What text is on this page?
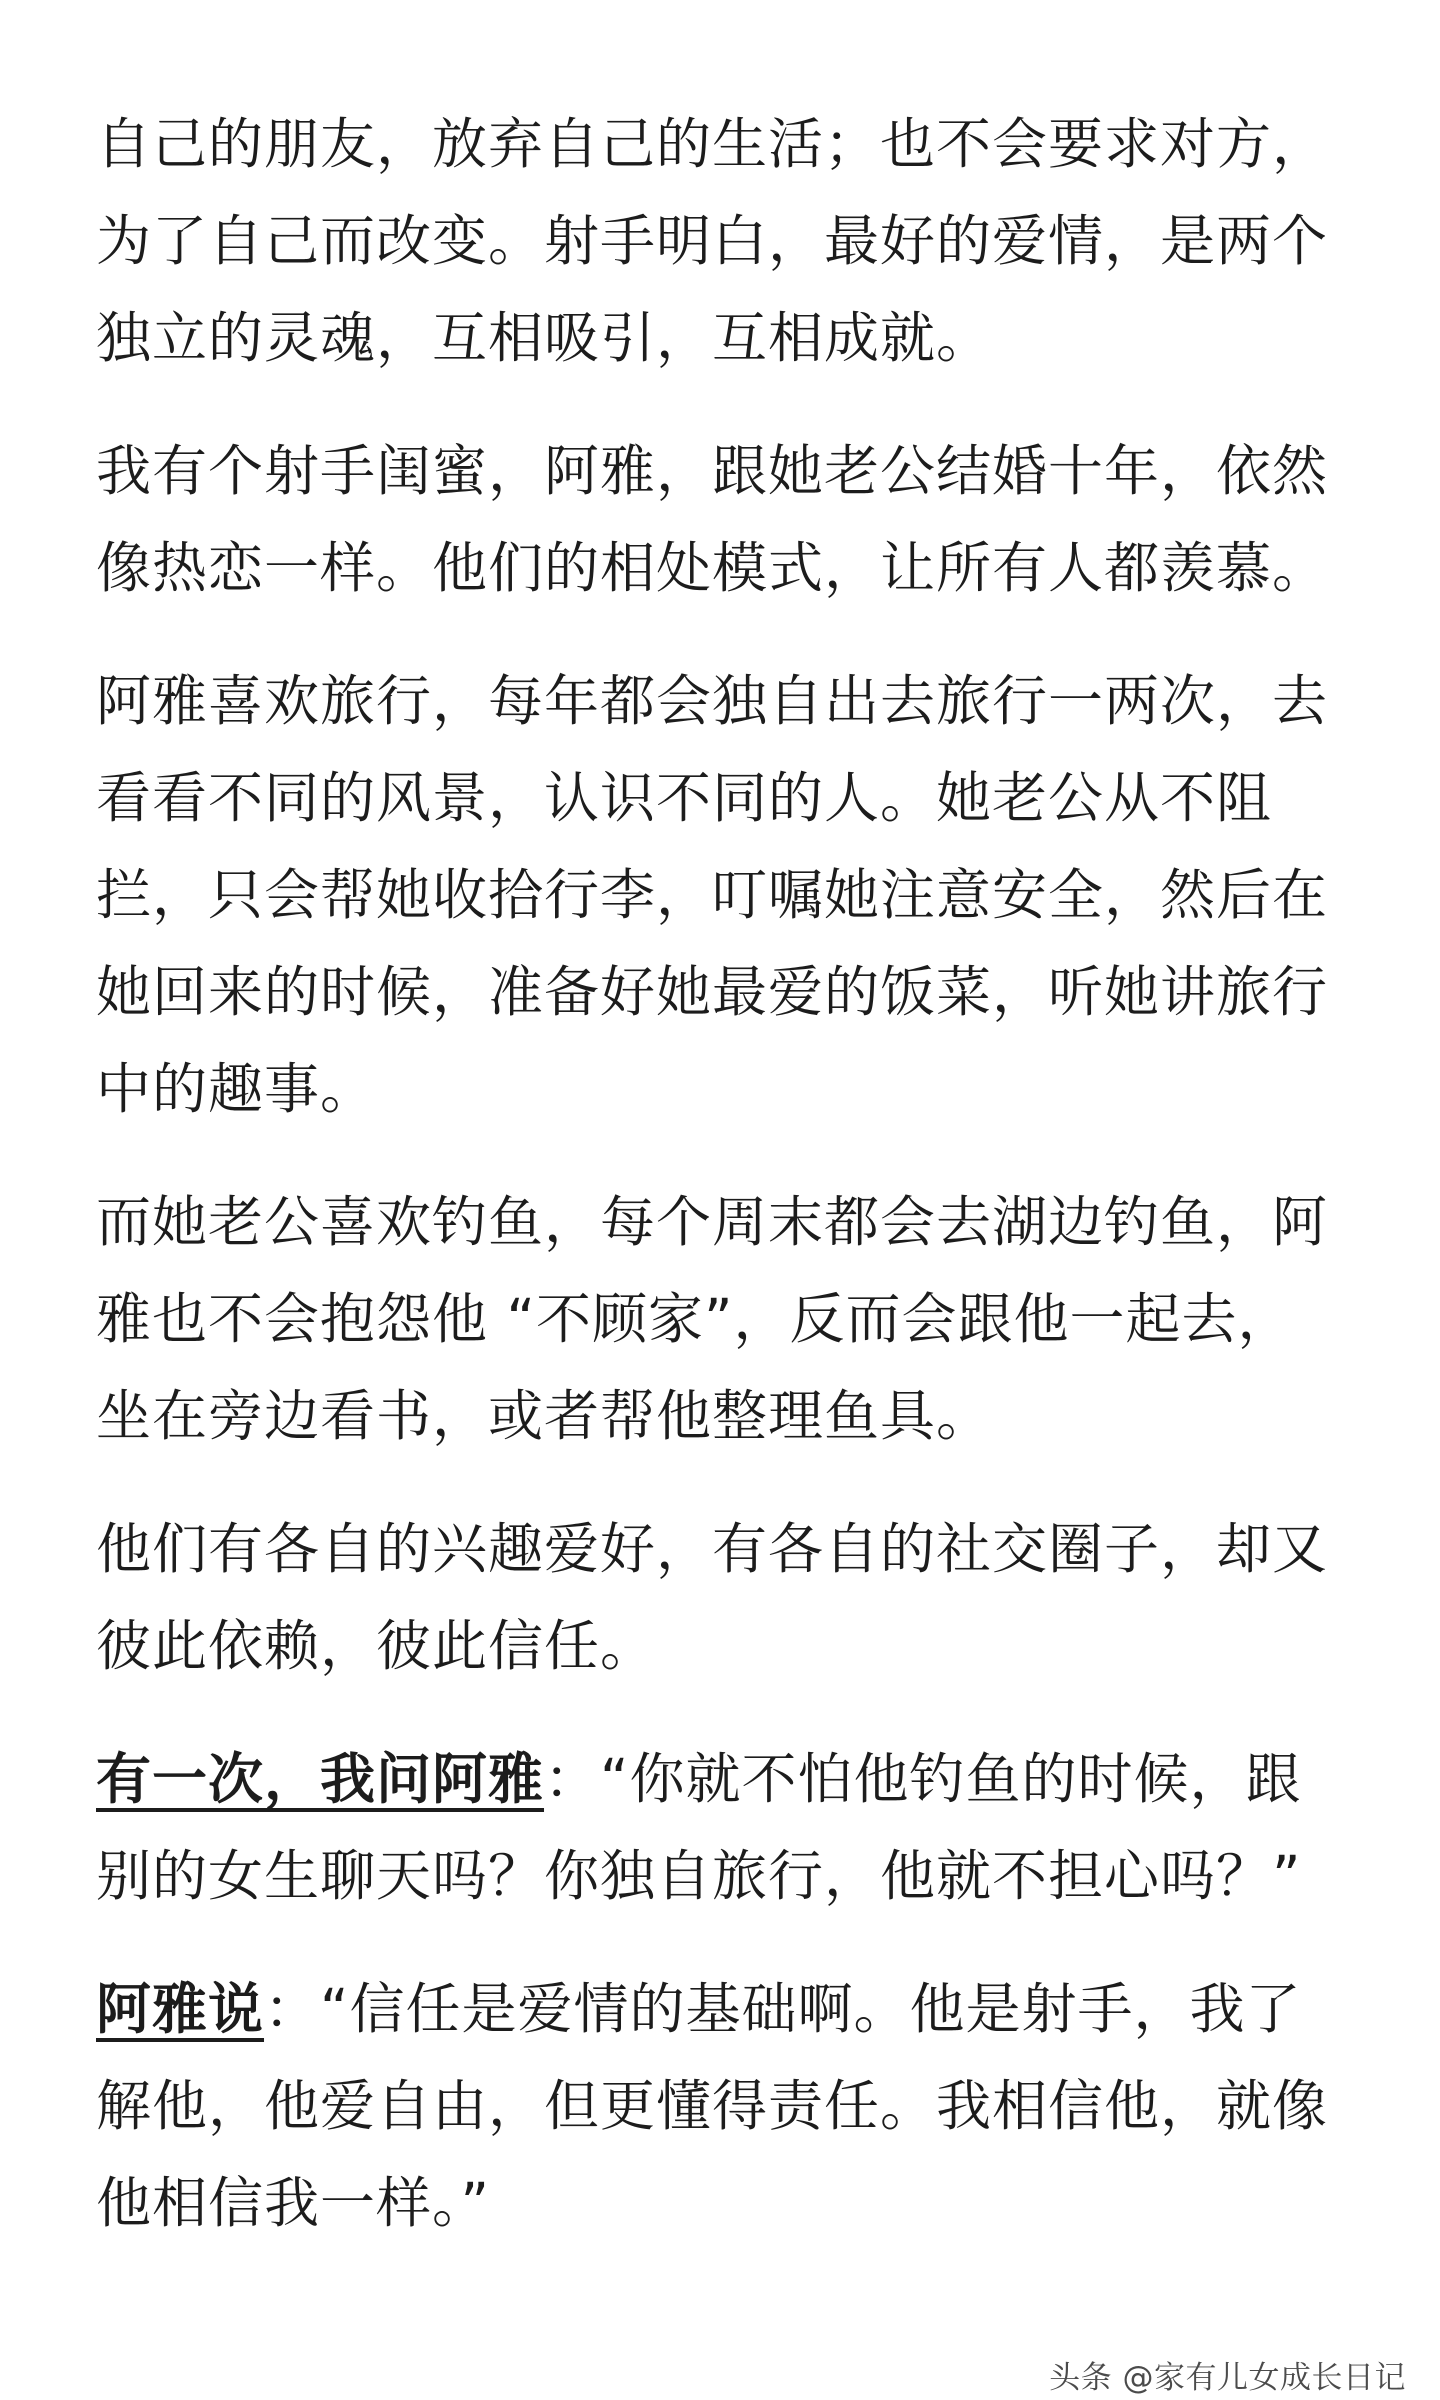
自己的朋友，放弃自己的生活；也不会要求对方，为了自己而改变。射手明白，最好的爱情，是两个独立的灵魂，互相吸引，互相成就。

我有个射手闺蜜，阿雅，跟她老公结婚十年，依然像热恋一样。他们的相处模式，让所有人都羡慕。

阿雅喜欢旅行，每年都会独自出去旅行一两次，去看看不同的风景，认识不同的人。她老公从不阻拦，只会帮她收拾行李，叮嘱她注意安全，然后在她回来的时候，准备好她最爱的饭菜，听她讲旅行中的趣事。

而她老公喜欢钓鱼，每个周末都会去湖边钓鱼，阿雅也不会抱怨他 “不顾家”，反而会跟他一起去，坐在旁边看书，或者帮他整理鱼具。

他们有各自的兴趣爱好，有各自的社交圈子，却又彼此依赖，彼此信任。

有一次，我问阿雅：“你就不怕他钓鱼的时候，跟别的女生聊天吗？你独自旅行，他就不担心吗？”

阿雅说：“信任是爱情的基础啊。他是射手，我了解他，他爱自由，但更懂得责任。我相信他，就像他相信我一样。”

头条 @家有儿女成长日记
